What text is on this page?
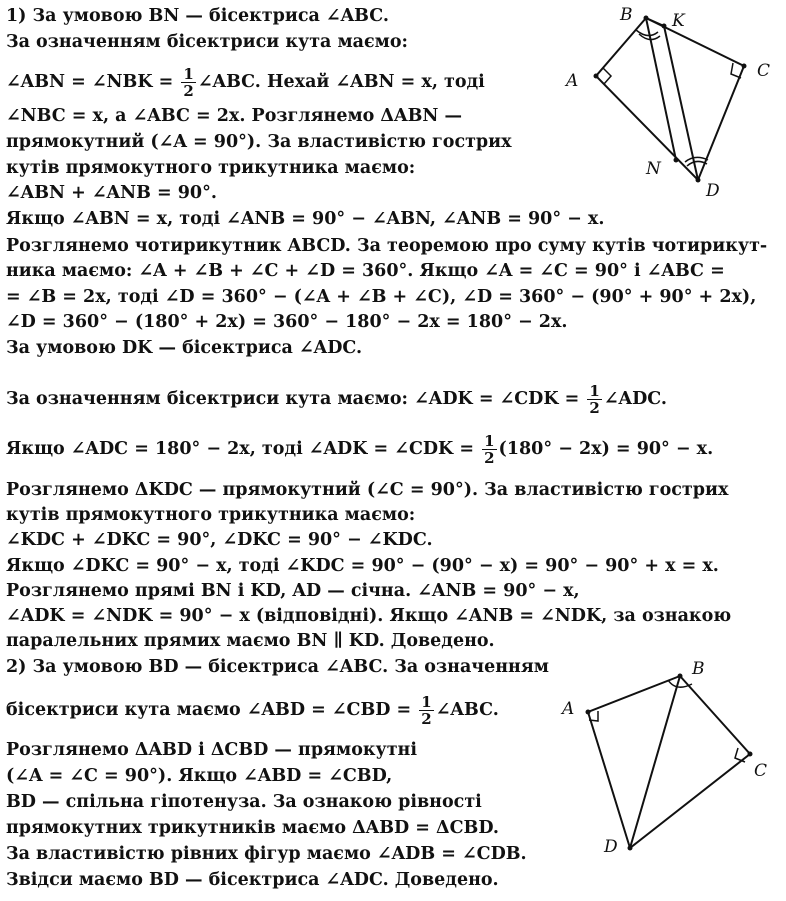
1) За умовою BN — бісектриса ∠ABC.
За означенням бісектриси кута маємо:
∠ABN = ∠NBK = $\frac{1}{2}$ ∠ABC. Нехай ∠ABN = x, тоді
∠NBC = x, а ∠ABC = 2x. Розглянемо ΔABN —
прямокутний (∠A = 90°). За властивістю гострих
кутів прямокутного трикутника маємо:
∠ABN + ∠ANB = 90°.
Якщо ∠ABN = x, тоді ∠ANB = 90° − ∠ABN, ∠ANB = 90° − x.
Розглянемо чотирикутник ABCD. За теоремою про суму кутів чотирикут-
ника маємо: ∠A + ∠B + ∠C + ∠D = 360°. Якщо ∠A = ∠C = 90° і ∠ABC =
= ∠B = 2x, тоді ∠D = 360° − (∠A + ∠B + ∠C), ∠D = 360° − (90° + 90° + 2x),
∠D = 360° − (180° + 2x) = 360° − 180° − 2x = 180° − 2x.
За умовою DK — бісектриса ∠ADC.
За означенням бісектриси кута маємо: ∠ADK = ∠CDK = $\frac{1}{2}$ ∠ADC.
Якщо ∠ADC = 180° − 2x, тоді ∠ADK = ∠CDK = $\frac{1}{2} (180^\circ - 2x) = 90^\circ - x$.
Розглянемо ΔKDC — прямокутний (∠C = 90°). За властивістю гострих
кутів прямокутного трикутника маємо:
∠KDC + ∠DKC = 90°, ∠DKC = 90° − ∠KDC.
Якщо ∠DKC = 90° − x, тоді ∠KDC = 90° − (90° − x) = 90° − 90° + x = x.
Розглянемо прямі BN і KD, AD — січна. ∠ANB = 90° − x,
∠ADK = ∠NDK = 90° − x (відповідні). Якщо ∠ANB = ∠NDK, за ознакою
паралельних прямих маємо BN ∥ KD. Доведено.
2) За умовою BD — бісектриса ∠ABC. За означенням
бісектриси кута маємо ∠ABD = ∠CBD = $\frac{1}{2}$ ∠ABC.
Розглянемо ΔABD і ΔCBD — прямокутні
(∠A = ∠C = 90°). Якщо ∠ABD = ∠CBD,
BD — спільна гіпотенуза. За ознакою рівності
прямокутних трикутників маємо ΔABD = ΔCBD.
За властивістю рівних фігур маємо ∠ADB = ∠CDB.
Звідси маємо BD — бісектриса ∠ADC. Доведено.
B K
A	C
N
D
B
A
C
D
